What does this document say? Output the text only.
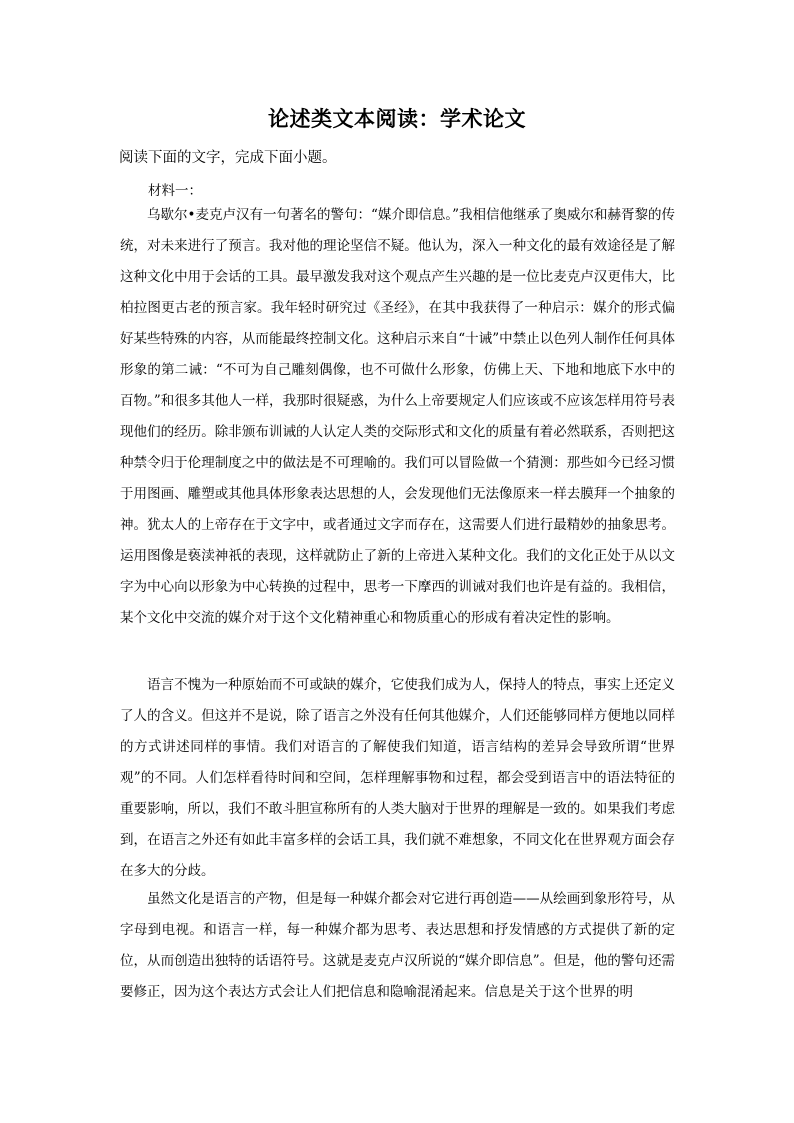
论述类文本阅读：学术论文

阅读下面的文字，完成下面小题。

材料一：

乌歇尔•麦克卢汉有一句著名的警句：“媒介即信息。”我相信他继承了奥威尔和赫胥黎的传统，对未来进行了预言。我对他的理论坚信不疑。他认为，深入一种文化的最有效途径是了解这种文化中用于会话的工具。最早激发我对这个观点产生兴趣的是一位比麦克卢汉更伟大，比柏拉图更古老的预言家。我年轻时研究过《圣经》，在其中我获得了一种启示：媒介的形式偏好某些特殊的内容，从而能最终控制文化。这种启示来自“十诫”中禁止以色列人制作任何具体形象的第二诫：“不可为自己雕刻偶像，也不可做什么形象，仿佛上天、下地和地底下水中的百物。”和很多其他人一样，我那时很疑惑，为什么上帝要规定人们应该或不应该怎样用符号表现他们的经历。除非颁布训诫的人认定人类的交际形式和文化的质量有着必然联系，否则把这种禁令归于伦理制度之中的做法是不可理喻的。我们可以冒险做一个猜测：那些如今已经习惯于用图画、雕塑或其他具体形象表达思想的人，会发现他们无法像原来一样去膜拜一个抽象的神。犹太人的上帝存在于文字中，或者通过文字而存在，这需要人们进行最精妙的抽象思考。运用图像是亵渎神祇的表现，这样就防止了新的上帝进入某种文化。我们的文化正处于从以文字为中心向以形象为中心转换的过程中，思考一下摩西的训诫对我们也许是有益的。我相信，某个文化中交流的媒介对于这个文化精神重心和物质重心的形成有着决定性的影响。

语言不愧为一种原始而不可或缺的媒介，它使我们成为人，保持人的特点，事实上还定义了人的含义。但这并不是说，除了语言之外没有任何其他媒介，人们还能够同样方便地以同样的方式讲述同样的事情。我们对语言的了解使我们知道，语言结构的差异会导致所谓“世界观”的不同。人们怎样看待时间和空间，怎样理解事物和过程，都会受到语言中的语法特征的重要影响，所以，我们不敢斗胆宣称所有的人类大脑对于世界的理解是一致的。如果我们考虑到，在语言之外还有如此丰富多样的会话工具，我们就不难想象，不同文化在世界观方面会存在多大的分歧。

虽然文化是语言的产物，但是每一种媒介都会对它进行再创造——从绘画到象形符号，从字母到电视。和语言一样，每一种媒介都为思考、表达思想和抒发情感的方式提供了新的定位，从而创造出独特的话语符号。这就是麦克卢汉所说的“媒介即信息”。但是，他的警句还需要修正，因为这个表达方式会让人们把信息和隐喻混淆起来。信息是关于这个世界的明
